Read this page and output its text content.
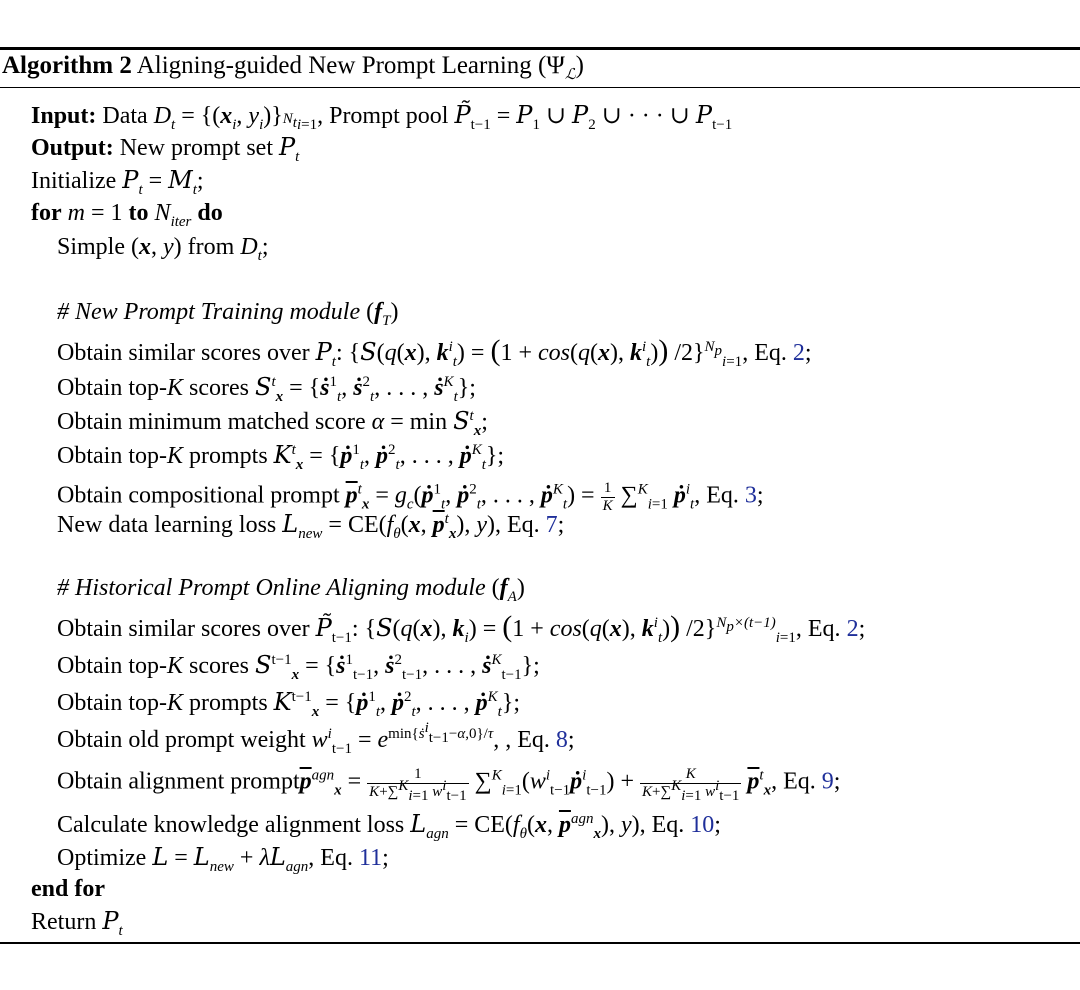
Algorithm 2 Aligning-guided New Prompt Learning $(\Psi_ℒ)$
Input: Data $D_t = \{(x_i$, $y_i)\}_{^{N_t}i=1}$, Prompt pool $P̃_{t-1} = P_1$ ∪ $P_2$ ∪ · · · ∪ $P_{t-1}$
Output: New prompt set $P_t$
Initialize $P_t = M_t$;
for m = 1 to $N_{iter}$ do
Simple (x, y) from $D_t$;
# New Prompt Training module $(f_T)$
Obtain similar scores over $P_t$: {S(q(x), $k^i_t) = (1 + \cos(q(x)$, $k^i_t$)) /2}$^{N_p}_{i=1}$, Eq. 2;
Obtain top-K scores $S^t_x$ = {ṡ$^1_t$, ṡ$^2_t$, . . . , ṡ$^K_t$};
Obtain minimum matched score $\alpha = \min S^t_x$;
Obtain top-K prompts $K^t_x$ = {ṗ$^1_t$, ṗ$^2_t$, . . . , ṗ$^K_t$};
Obtain compositional prompt $\overline{p}^t_x$ = $g_c(ṗ^1_t$, ṗ$^2_t$, . . . , ṗ$^K_t$) = $\frac{1}{K} \sum^K_{i=1}$ ṗ$^i_t$, Eq. 3;
New data learning loss $L_{new} = CE(f_\theta(x$, $\overline{p}^t_x$), y), Eq. 7;
# Historical Prompt Online Aligning module $(f_A)$
Obtain similar scores over $P̃_{t-1}$: {S(q(x), $k_i) = (1 + \cos(q(x)$, $k^i_t$)) /2}$^{N_p\times(t-1)}_{i=1}$, Eq. 2;
Obtain top-K scores $S^{t-1}_x$ = {ṡ$^1_{t-1}$, ṡ$^2_{t-1}$, . . . , ṡ$^K_{t-1}$};
Obtain top-K prompts $K^{t-1}_x$ = {ṗ$^1_t$, ṗ$^2_t$, . . . , ṗ$^K_t$};
Obtain old prompt weight $w^i_{t-1} = e^{min\{ṡ^i_{t-1}-\alpha,0\}/\tau}$, , Eq. 8;
Obtain alignment $prompt\overline{p}^{agn}_x = \frac{1}{K+\sum^K_{i=1} w^i_{t-1}}$ $\sum^K_{i=1}(w^i_{t-1}ṗ^i_{t-1}) + \frac{K}{K+\sum^K_{i=1} w^i_{t-1}} \overline{p}^t_x$, Eq. 9;
Calculate knowledge alignment loss $L_{agn} = CE(f_\theta(x$, $\overline{p}^{agn}_x$), y), Eq. 10;
Optimize $L = L_{new} + \lambda L_{agn}$, Eq. 11;
end for
Return $P_t$
